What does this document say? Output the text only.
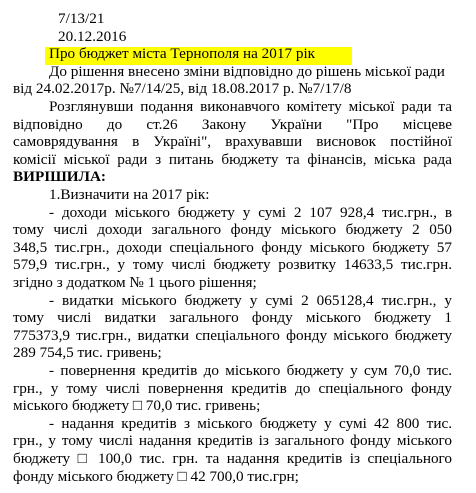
7/13/21
20.12.2016
Про бюджет міста Тернополя на 2017 рік
До рішення внесено зміни відповідно до рішень міської ради
від 24.02.2017р. №7/14/25, від 18.08.2017 р. №7/17/8
Розглянувши подання виконавчого комітету міської ради та
відповідно до ст.26 Закону України "Про місцеве
самоврядування в Україні", врахувавши висновок постійної
комісії міської ради з питань бюджету та фінансів, міська рада
ВИРІШИЛА:
1.Визначити на 2017 рік:
- доходи міського бюджету у сумі 2 107 928,4 тис.грн., в
тому числі доходи загального фонду міського бюджету 2 050
348,5 тис.грн., доходи спеціального фонду міського бюджету 57
579,9 тис.грн., у тому числі бюджету розвитку 14633,5 тис.грн.
згідно з додатком № 1 цього рішення;
- видатки міського бюджету у сумі 2 065128,4 тис.грн., у
тому числі видатки загального фонду міського бюджету 1
775373,9 тис.грн., видатки спеціального фонду міського бюджету
289 754,5 тис. гривень;
- повернення кредитів до міського бюджету у сум 70,0 тис.
грн., у тому числі повернення кредитів до спеціального фонду
міського бюджету □ 70,0 тис. гривень;
- надання кредитів з міського бюджету у сумі 42 800 тис.
грн., у тому числі надання кредитів із загального фонду міського
бюджету □ 100,0 тис. грн. та надання кредитів із спеціального
фонду міського бюджету □ 42 700,0 тис.грн;
